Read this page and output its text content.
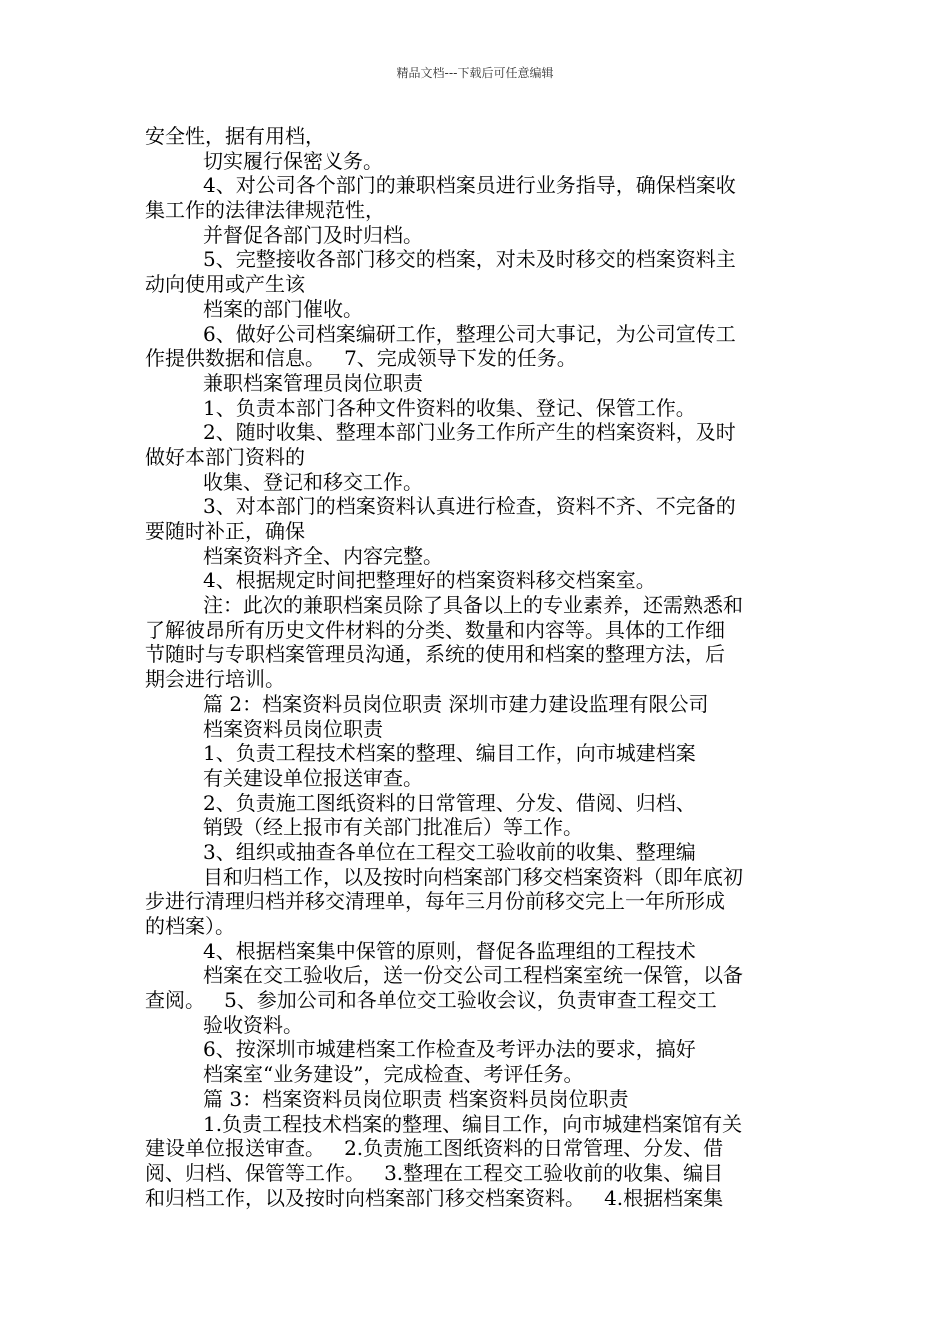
精品文档---下载后可任意编辑
安全性，据有用档，
切实履行保密义务。
4、对公司各个部门的兼职档案员进行业务指导，确保档案收
集工作的法律法律规范性，
并督促各部门及时归档。
5、完整接收各部门移交的档案，对未及时移交的档案资料主
动向使用或产生该
档案的部门催收。
6、做好公司档案编研工作，整理公司大事记，为公司宣传工
作提供数据和信息。   7、完成领导下发的任务。
兼职档案管理员岗位职责
1、负责本部门各种文件资料的收集、登记、保管工作。
2、随时收集、整理本部门业务工作所产生的档案资料，及时
做好本部门资料的
收集、登记和移交工作。
3、对本部门的档案资料认真进行检查，资料不齐、不完备的
要随时补正，确保
档案资料齐全、内容完整。
4、根据规定时间把整理好的档案资料移交档案室。
注：此次的兼职档案员除了具备以上的专业素养，还需熟悉和
了解彼昂所有历史文件材料的分类、数量和内容等。具体的工作细
节随时与专职档案管理员沟通，系统的使用和档案的整理方法，后
期会进行培训。
篇 2：档案资料员岗位职责 深圳市建力建设监理有限公司
档案资料员岗位职责
1、负责工程技术档案的整理、编目工作，向市城建档案
有关建设单位报送审查。
2、负责施工图纸资料的日常管理、分发、借阅、归档、
销毁（经上报市有关部门批准后）等工作。
3、组织或抽查各单位在工程交工验收前的收集、整理编
目和归档工作，以及按时向档案部门移交档案资料（即年底初
步进行清理归档并移交清理单，每年三月份前移交完上一年所形成
的档案）。
4、根据档案集中保管的原则，督促各监理组的工程技术
档案在交工验收后，送一份交公司工程档案室统一保管，以备
查阅。   5、参加公司和各单位交工验收会议，负责审查工程交工
验收资料。
6、按深圳市城建档案工作检查及考评办法的要求，搞好
档案室“业务建设”，完成检查、考评任务。
篇 3：档案资料员岗位职责 档案资料员岗位职责
1.负责工程技术档案的整理、编目工作，向市城建档案馆有关
建设单位报送审查。   2.负责施工图纸资料的日常管理、分发、借
阅、归档、保管等工作。   3.整理在工程交工验收前的收集、编目
和归档工作，以及按时向档案部门移交档案资料。   4.根据档案集
